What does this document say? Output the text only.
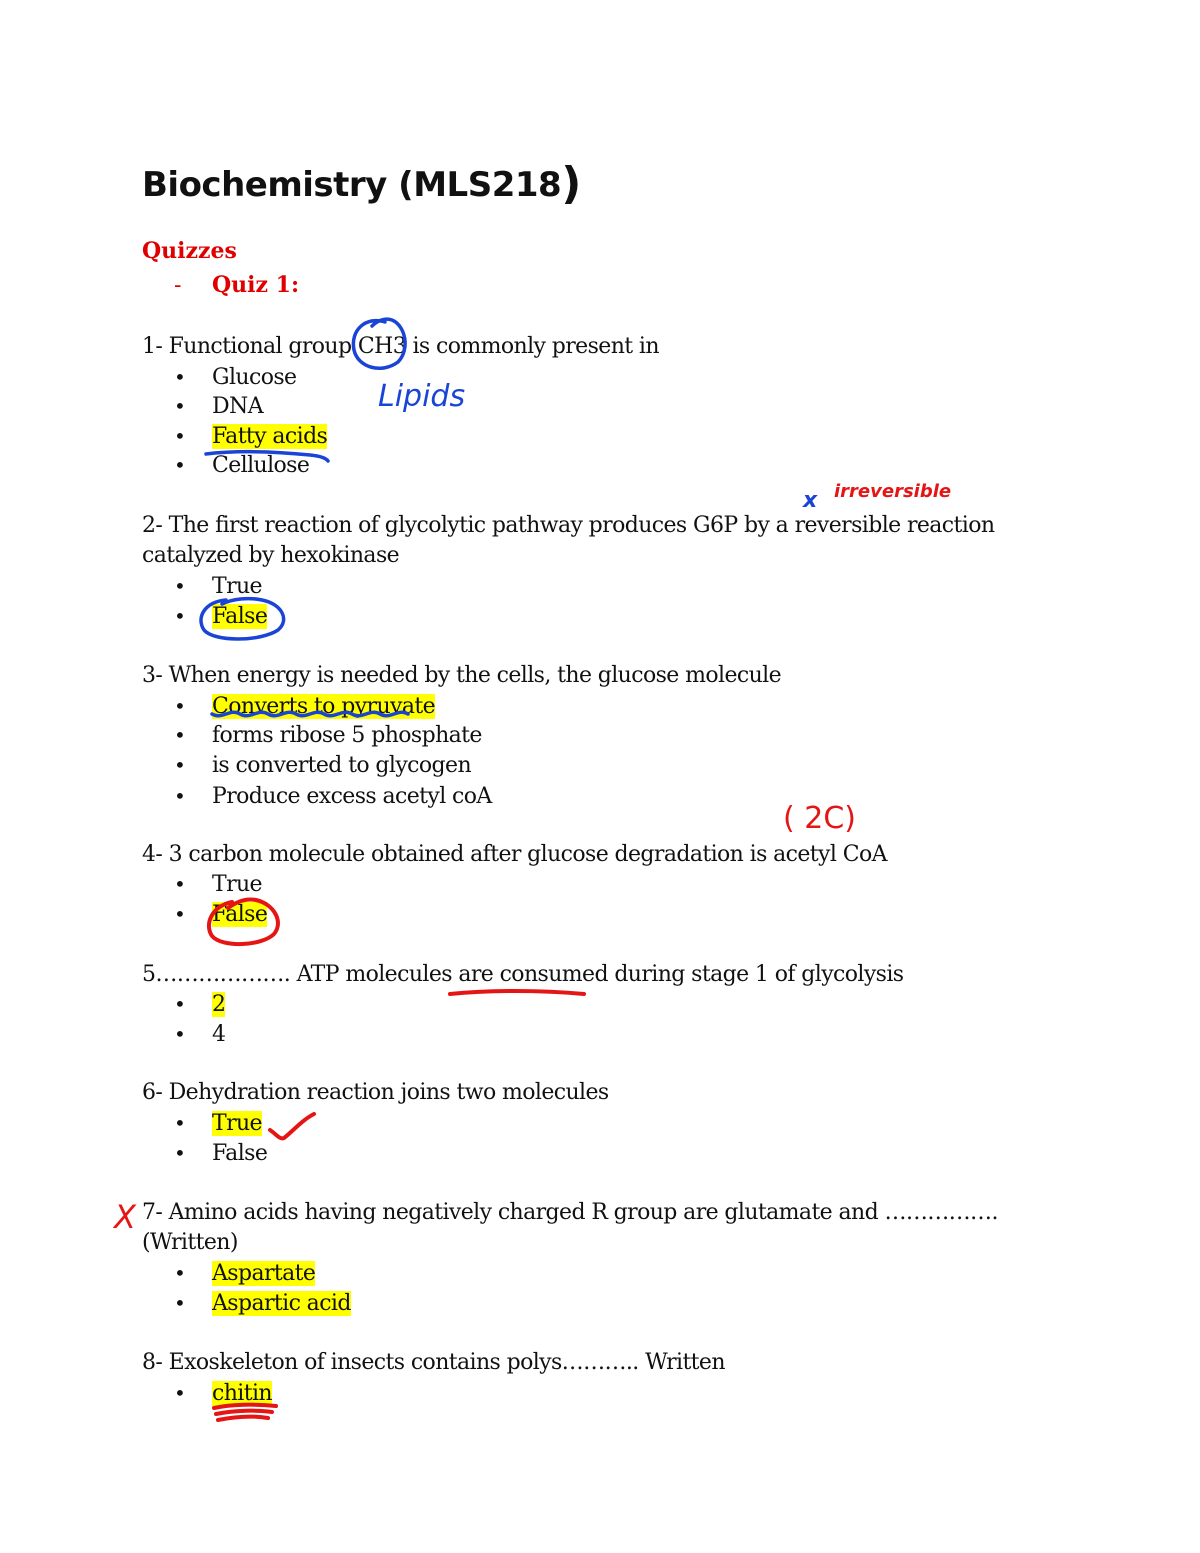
Biochemistry (MLS218)
Quizzes
- Quiz 1:
1- Functional group CH3 is commonly present in
• Glucose
• DNA
• Fatty acids
• Cellulose
2- The first reaction of glycolytic pathway produces G6P by a reversible reaction catalyzed by hexokinase
• True
• False
3- When energy is needed by the cells, the glucose molecule
• Converts to pyruvate
• forms ribose 5 phosphate
• is converted to glycogen
• Produce excess acetyl coA
4- 3 carbon molecule obtained after glucose degradation is acetyl CoA
• True
• False
5………………. ATP molecules are consumed during stage 1 of glycolysis
• 2
• 4
6- Dehydration reaction joins two molecules
• True
• False
7- Amino acids having negatively charged R group are glutamate and ……………. (Written)
• Aspartate
• Aspartic acid
8- Exoskeleton of insects contains polys……….. Written
• chitin
Lipids
x irreversible
( 2C)
X
